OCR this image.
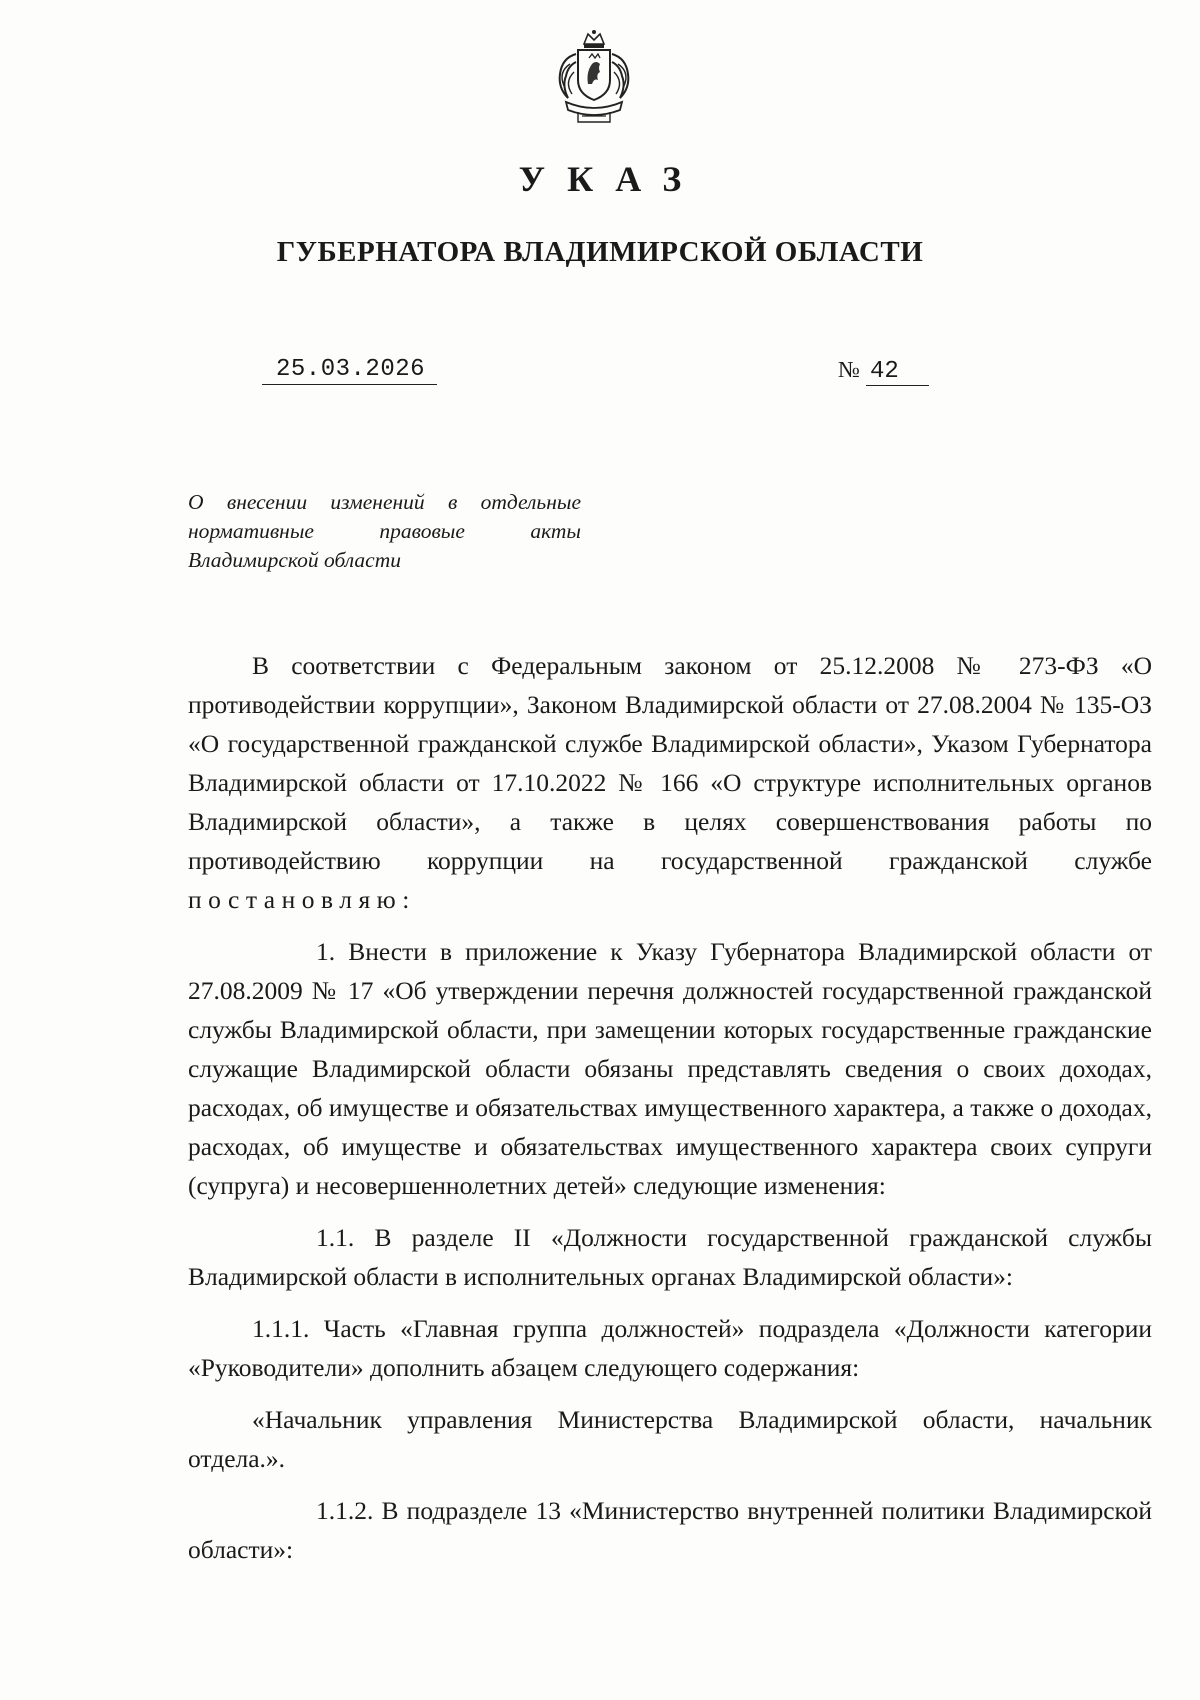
УКАЗ
ГУБЕРНАТОРА ВЛАДИМИРСКОЙ ОБЛАСТИ
25.03.2026	№ 42
О внесении изменений в отдельные
нормативные правовые акты
Владимирской области

В соответствии с Федеральным законом от 25.12.2008 № 273-ФЗ «О противодействии коррупции», Законом Владимирской области от 27.08.2004 № 135-ОЗ «О государственной гражданской службе Владимирской области», Указом Губернатора Владимирской области от 17.10.2022 № 166 «О структуре исполнительных органов Владимирской области», а также в целях совершенствования работы по противодействию коррупции на государственной гражданской службе постановляю:

1. Внести в приложение к Указу Губернатора Владимирской области от 27.08.2009 № 17 «Об утверждении перечня должностей государственной гражданской службы Владимирской области, при замещении которых государственные гражданские служащие Владимирской области обязаны представлять сведения о своих доходах, расходах, об имуществе и обязательствах имущественного характера, а также о доходах, расходах, об имуществе и обязательствах имущественного характера своих супруги (супруга) и несовершеннолетних детей» следующие изменения:

1.1. В разделе II «Должности государственной гражданской службы Владимирской области в исполнительных органах Владимирской области»:

1.1.1. Часть «Главная группа должностей» подраздела «Должности категории «Руководители» дополнить абзацем следующего содержания:

«Начальник управления Министерства Владимирской области, начальник отдела.».

1.1.2. В подразделе 13 «Министерство внутренней политики Владимирской области»:
